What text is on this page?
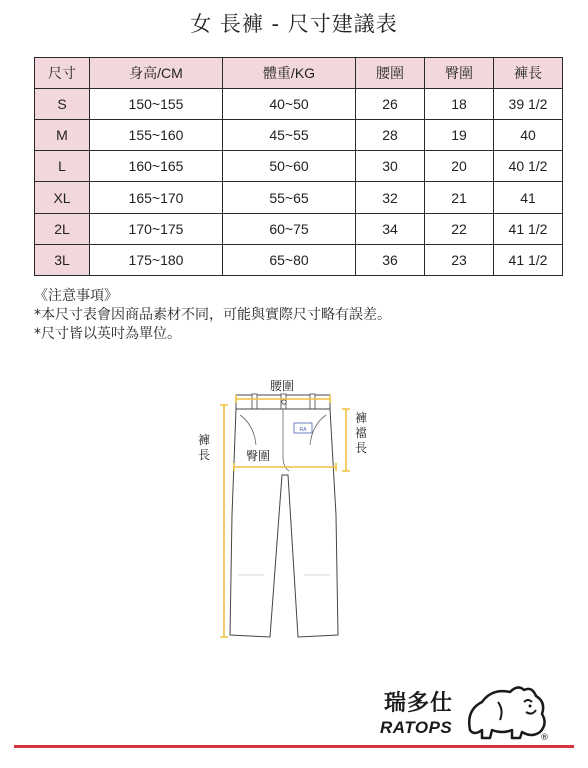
女 長褲 - 尺寸建議表
尺寸	身高/CM	體重/KG	腰圍	臀圍	褲長
S	150~155	40~50	26	18	39 1/2
M	155~160	45~55	28	19	40
L	160~165	50~60	30	20	40 1/2
XL	165~170	55~65	32	21	41
2L	170~175	60~75	34	22	41 1/2
3L	175~180	65~80	36	23	41 1/2
《注意事項》
*本尺寸表會因商品素材不同，可能與實際尺寸略有誤差。
*尺寸皆以英吋為單位。
RA
腰圍
臀圍
褲長
褲襠長
瑞多仕
RATOPS
®
